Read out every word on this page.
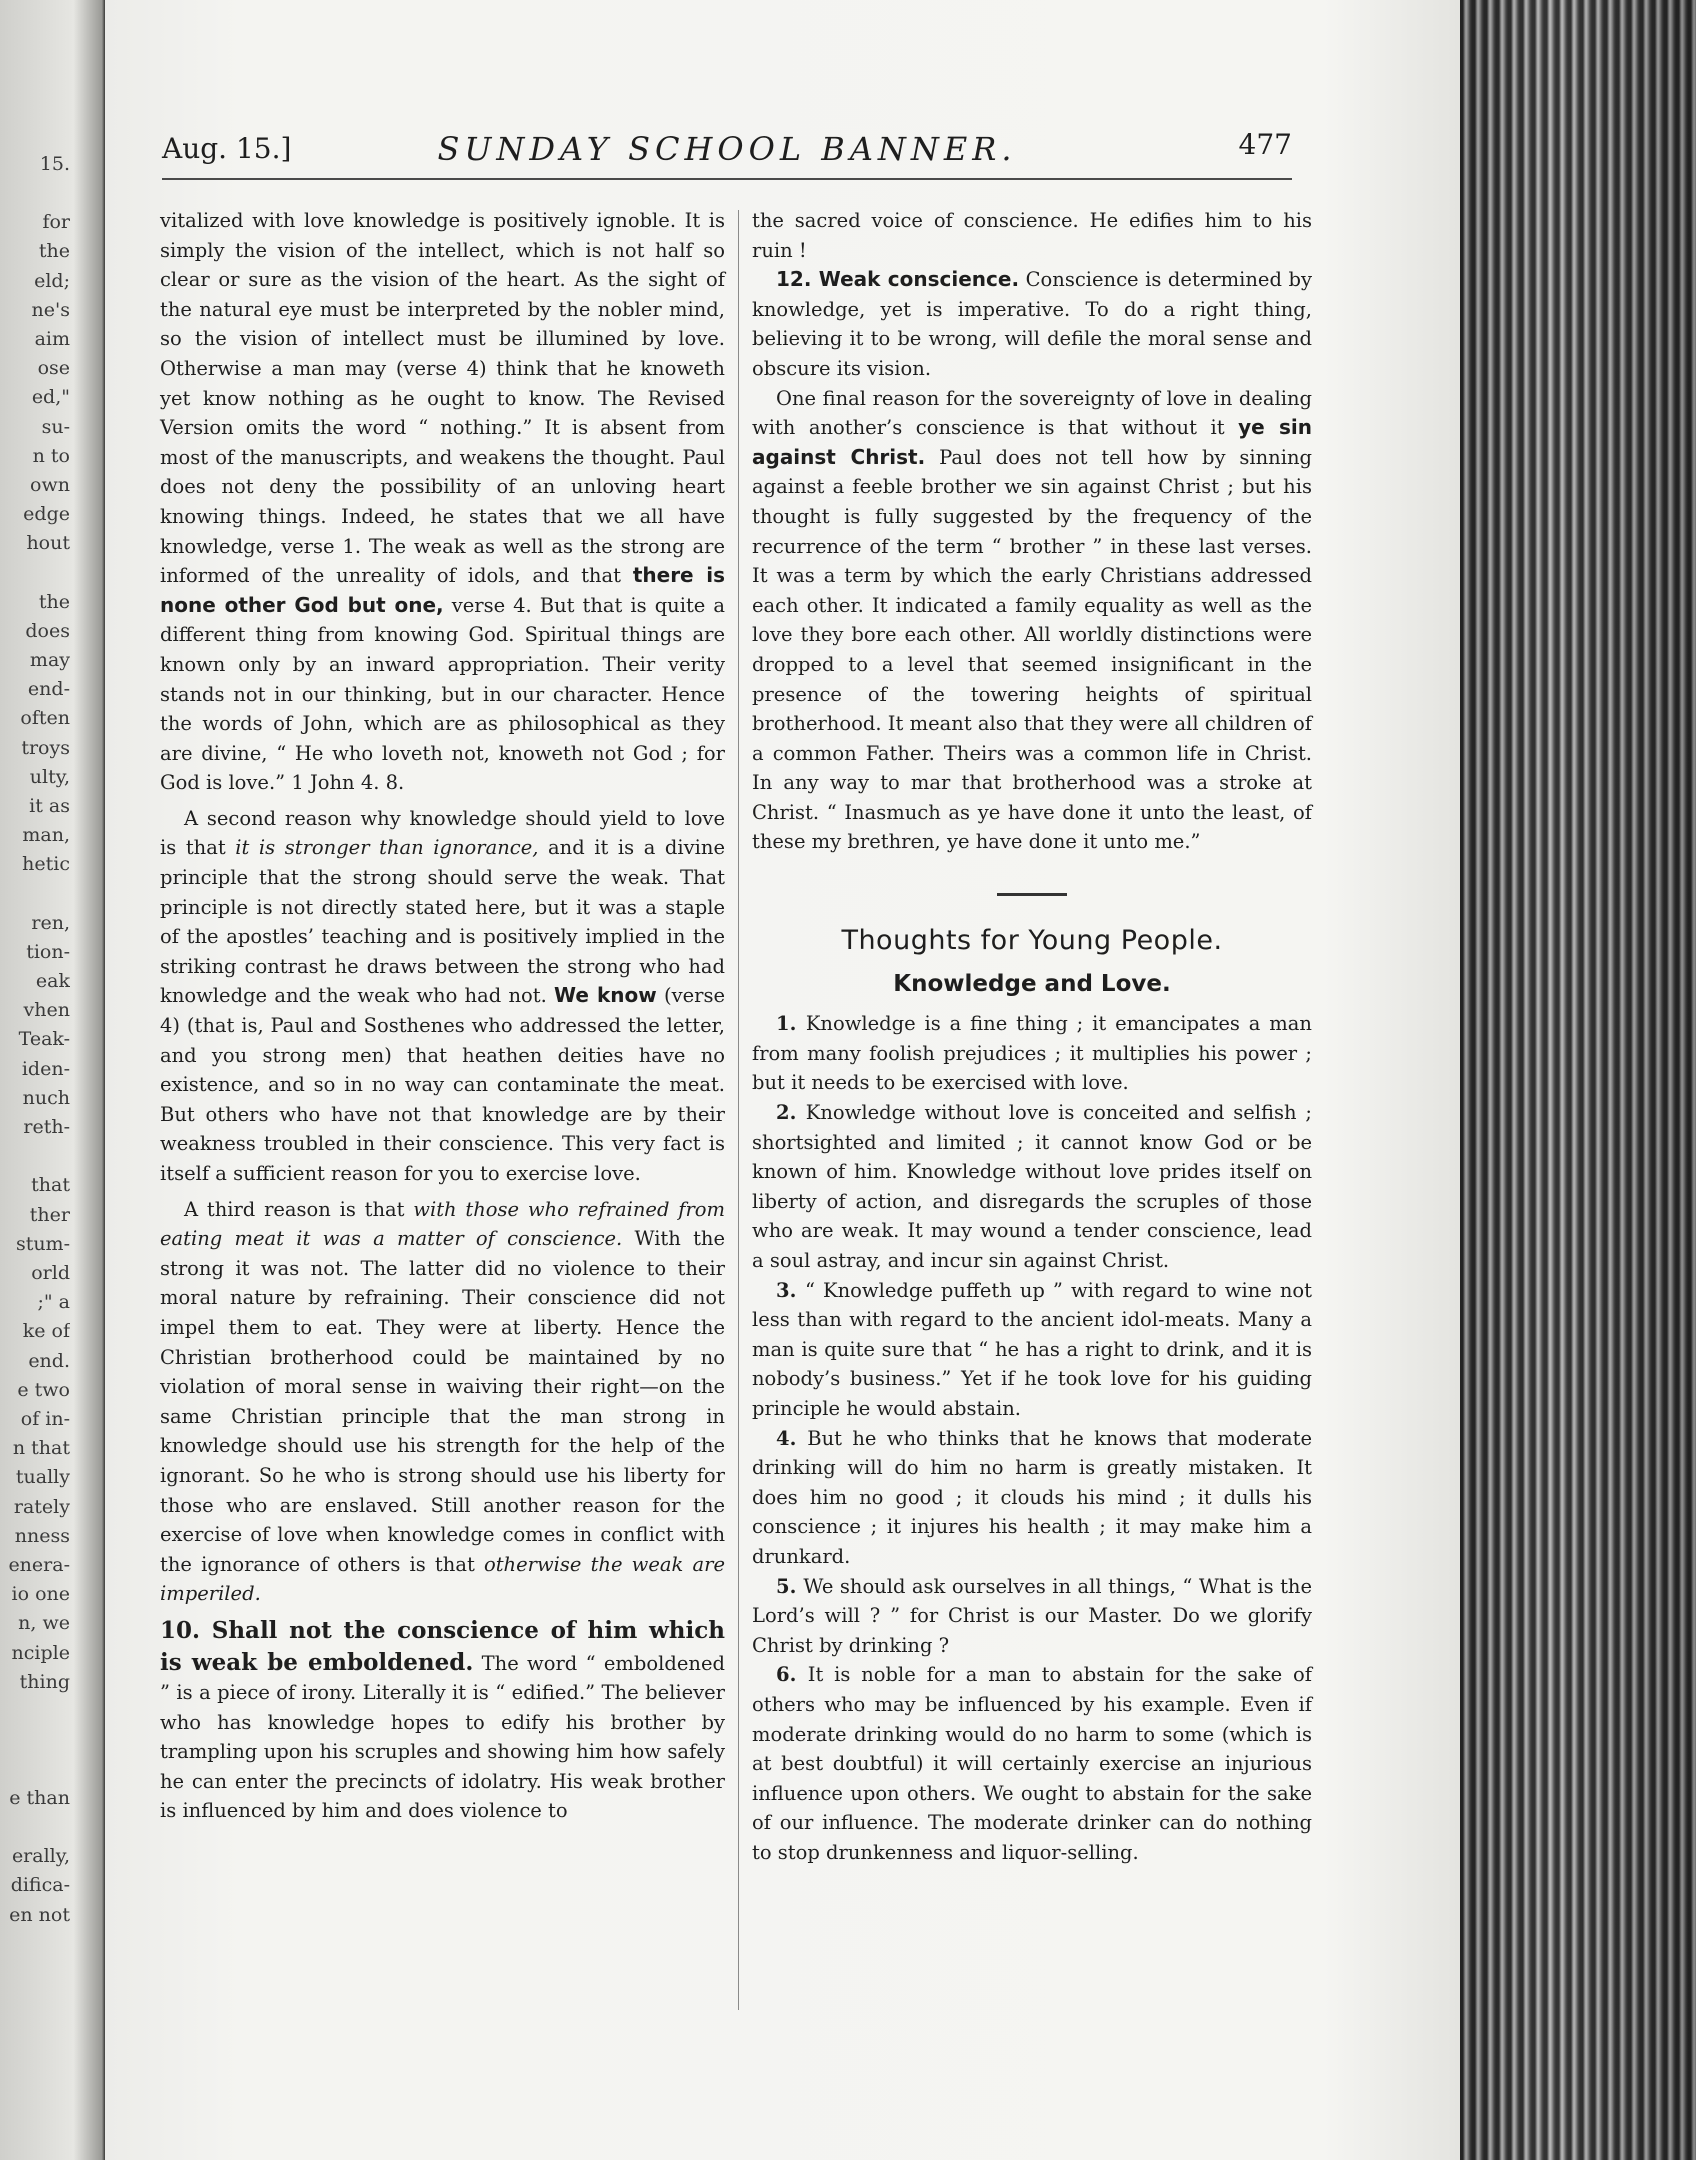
15.

for
the
eld;
ne's
aim
ose
ed,"
su-
n to
own
edge
hout

the
does
may
end-
often
troys
ulty,
it as
man,
hetic

ren,
tion-
eak
vhen
Teak-
iden-
nuch
reth-

that
ther
stum-
orld
;" a
ke of
end.
e two
of in-
n that
tually
rately
nness
enera-
io one
n, we
nciple
thing

e than

erally,
difica-
en not
Aug. 15.]	SUNDAY SCHOOL BANNER.	477

vitalized with love knowledge is positively ignoble. It is simply the vision of the intellect, which is not half so clear or sure as the vision of the heart. As the sight of the natural eye must be interpreted by the nobler mind, so the vision of intellect must be illumined by love. Otherwise a man may (verse 4) think that he knoweth yet know nothing as he ought to know. The Revised Version omits the word “ nothing.” It is absent from most of the manuscripts, and weakens the thought. Paul does not deny the possibility of an unloving heart knowing things. Indeed, he states that we all have knowledge, verse 1. The weak as well as the strong are informed of the unreality of idols, and that there is none other God but one, verse 4. But that is quite a different thing from knowing God. Spiritual things are known only by an inward appropriation. Their verity stands not in our thinking, but in our character. Hence the words of John, which are as philosophical as they are divine, “ He who loveth not, knoweth not God ; for God is love.” 1 John 4. 8.

A second reason why knowledge should yield to love is that it is stronger than ignorance, and it is a divine principle that the strong should serve the weak. That principle is not directly stated here, but it was a staple of the apostles’ teaching and is positively implied in the striking contrast he draws between the strong who had knowledge and the weak who had not. We know (verse 4) (that is, Paul and Sosthenes who addressed the letter, and you strong men) that heathen deities have no existence, and so in no way can contaminate the meat. But others who have not that knowledge are by their weakness troubled in their conscience. This very fact is itself a sufficient reason for you to exercise love.

A third reason is that with those who refrained from eating meat it was a matter of conscience. With the strong it was not. The latter did no violence to their moral nature by refraining. Their conscience did not impel them to eat. They were at liberty. Hence the Christian brotherhood could be maintained by no violation of moral sense in waiving their right—on the same Christian principle that the man strong in knowledge should use his strength for the help of the ignorant. So he who is strong should use his liberty for those who are enslaved. Still another reason for the exercise of love when knowledge comes in conflict with the ignorance of others is that otherwise the weak are imperiled.

10. Shall not the conscience of him which is weak be emboldened. The word “ emboldened ” is a piece of irony. Literally it is “ edified.” The believer who has knowledge hopes to edify his brother by trampling upon his scruples and showing him how safely he can enter the precincts of idolatry. His weak brother is influenced by him and does violence to

the sacred voice of conscience. He edifies him to his ruin !

12. Weak conscience. Conscience is determined by knowledge, yet is imperative. To do a right thing, believing it to be wrong, will defile the moral sense and obscure its vision.

One final reason for the sovereignty of love in dealing with another’s conscience is that without it ye sin against Christ. Paul does not tell how by sinning against a feeble brother we sin against Christ ; but his thought is fully suggested by the frequency of the recurrence of the term “ brother ” in these last verses. It was a term by which the early Christians addressed each other. It indicated a family equality as well as the love they bore each other. All worldly distinctions were dropped to a level that seemed insignificant in the presence of the towering heights of spiritual brotherhood. It meant also that they were all children of a common Father. Theirs was a common life in Christ. In any way to mar that brotherhood was a stroke at Christ. “ Inasmuch as ye have done it unto the least, of these my brethren, ye have done it unto me.”

Thoughts for Young People.
Knowledge and Love.

1. Knowledge is a fine thing ; it emancipates a man from many foolish prejudices ; it multiplies his power ; but it needs to be exercised with love.

2. Knowledge without love is conceited and selfish ; shortsighted and limited ; it cannot know God or be known of him. Knowledge without love prides itself on liberty of action, and disregards the scruples of those who are weak. It may wound a tender conscience, lead a soul astray, and incur sin against Christ.

3. “ Knowledge puffeth up ” with regard to wine not less than with regard to the ancient idol-meats. Many a man is quite sure that “ he has a right to drink, and it is nobody’s business.” Yet if he took love for his guiding principle he would abstain.

4. But he who thinks that he knows that moderate drinking will do him no harm is greatly mistaken. It does him no good ; it clouds his mind ; it dulls his conscience ; it injures his health ; it may make him a drunkard.

5. We should ask ourselves in all things, “ What is the Lord’s will ? ” for Christ is our Master. Do we glorify Christ by drinking ?

6. It is noble for a man to abstain for the sake of others who may be influenced by his example. Even if moderate drinking would do no harm to some (which is at best doubtful) it will certainly exercise an injurious influence upon others. We ought to abstain for the sake of our influence. The moderate drinker can do nothing to stop drunkenness and liquor-selling.
